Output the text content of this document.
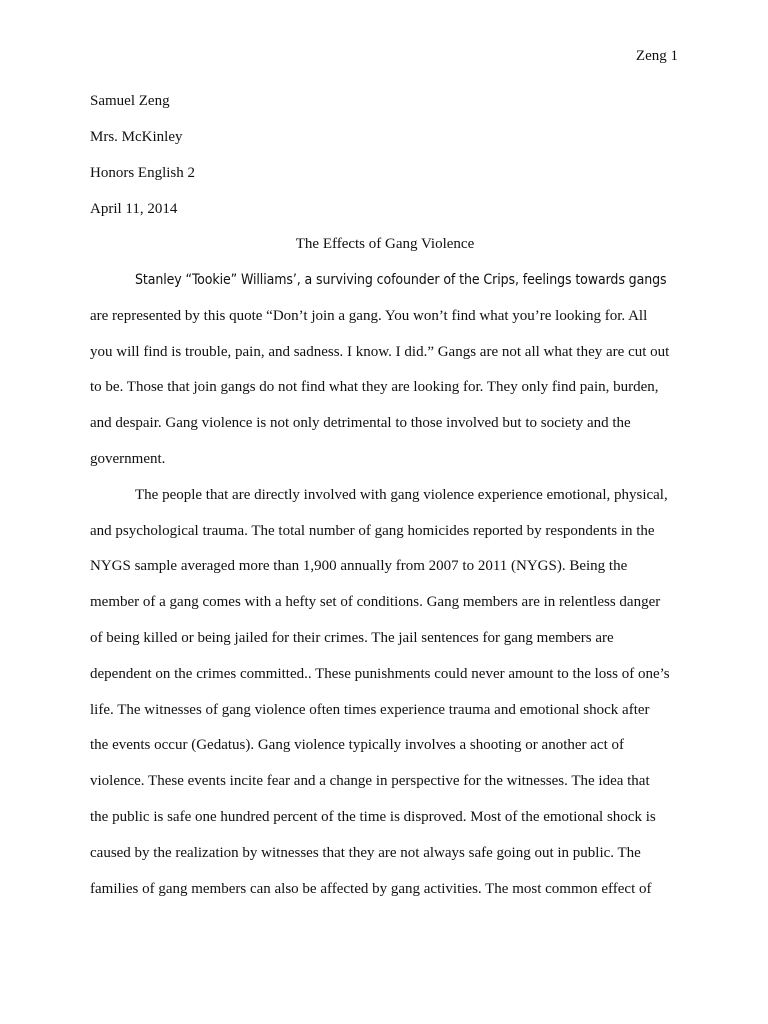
Zeng 1
Samuel Zeng
Mrs. McKinley
Honors English 2
April 11, 2014
The Effects of Gang Violence
Stanley “Tookie” Williams’, a surviving cofounder of the Crips, feelings towards gangs
are represented by this quote “Don’t join a gang. You won’t find what you’re looking for. All
you will find is trouble, pain, and sadness. I know. I did.” Gangs are not all what they are cut out
to be. Those that join gangs do not find what they are looking for. They only find pain, burden,
and despair. Gang violence is not only detrimental to those involved but to society and the
government.
The people that are directly involved with gang violence experience emotional, physical,
and psychological trauma. The total number of gang homicides reported by respondents in the
NYGS sample averaged more than 1,900 annually from 2007 to 2011 (NYGS). Being the
member of a gang comes with a hefty set of conditions. Gang members are in relentless danger
of being killed or being jailed for their crimes. The jail sentences for gang members are
dependent on the crimes committed.. These punishments could never amount to the loss of one’s
life. The witnesses of gang violence often times experience trauma and emotional shock after
the events occur (Gedatus). Gang violence typically involves a shooting or another act of
violence. These events incite fear and a change in perspective for the witnesses. The idea that
the public is safe one hundred percent of the time is disproved. Most of the emotional shock is
caused by the realization by witnesses that they are not always safe going out in public. The
families of gang members can also be affected by gang activities. The most common effect of
